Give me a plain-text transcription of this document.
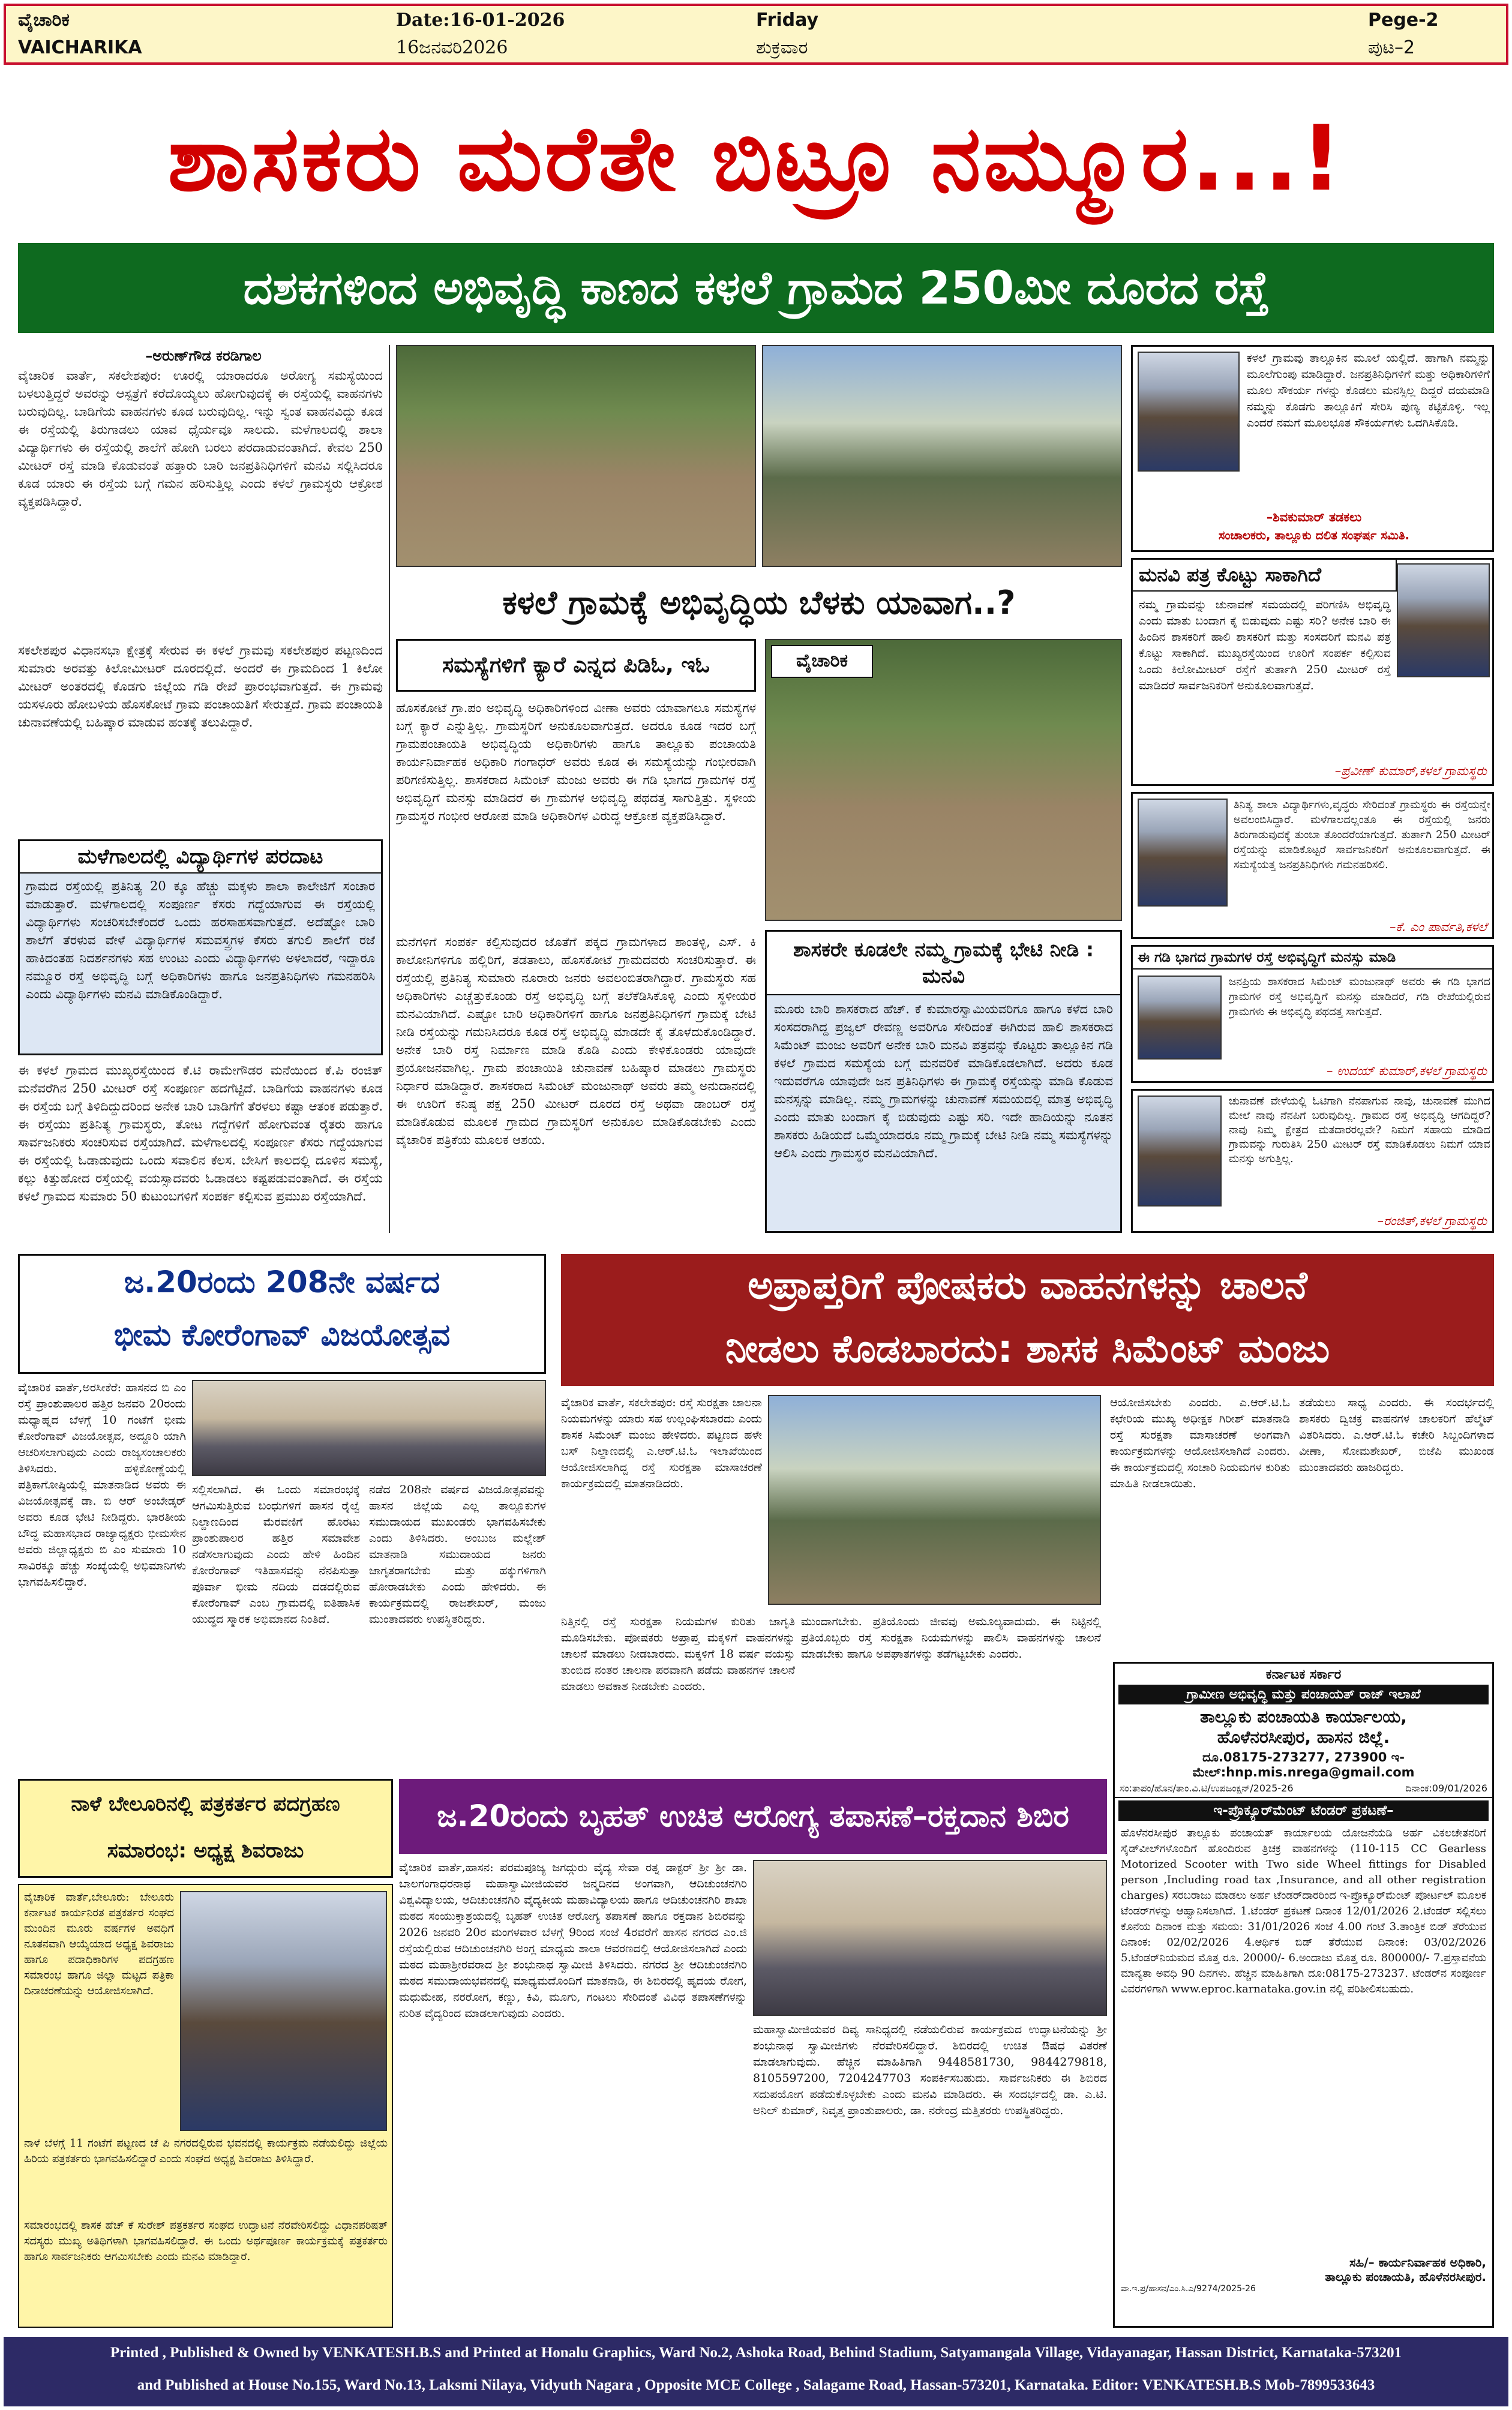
ವೈಚಾರಿಕ
VAICHARIKA
Date:16-01-2026
16ಜನವರಿ2026
Friday
ಶುಕ್ರವಾರ
Pege-2
ಪುಟ–2
ಶಾಸಕರು ಮರೆತೇ ಬಿಟ್ರೂ ನಮ್ಮೂರ...!
ದಶಕಗಳಿಂದ ಅಭಿವೃದ್ಧಿ ಕಾಣದ ಕಳಲೆ ಗ್ರಾಮದ 250ಮೀ ದೂರದ ರಸ್ತೆ
–ಅರುಣ್‌ಗೌಡ ಕರಡಿಗಾಲ
ವೈಚಾರಿಕ ವಾರ್ತೆ, ಸಕಲೇಶಪುರ: ಊರಲ್ಲಿ ಯಾರಾದರೂ ಅರೋಗ್ಯ ಸಮಸ್ಯೆಯಿಂದ ಬಳಲುತ್ತಿದ್ದರೆ ಅವರನ್ನು ಆಸ್ಪತ್ರೆಗೆ ಕರೆದೊಯ್ಯಲು ಹೋಗುವುದಕ್ಕೆ ಈ ರಸ್ತೆಯಲ್ಲಿ ವಾಹನಗಳು ಬರುವುದಿಲ್ಲ. ಬಾಡಿಗೆಯ ವಾಹನಗಳು ಕೂಡ ಬರುವುದಿಲ್ಲ. ಇನ್ನು ಸ್ವಂತ ವಾಹನವಿದ್ದು ಕೂಡ ಈ ರಸ್ತೆಯಲ್ಲಿ ತಿರುಗಾಡಲು ಯಾವ ಧೈರ್ಯವೂ ಸಾಲದು. ಮಳೆಗಾಲದಲ್ಲಿ ಶಾಲಾ ವಿದ್ಯಾರ್ಥಿಗಳು ಈ ರಸ್ತೆಯಲ್ಲಿ ಶಾಲೆಗೆ ಹೋಗಿ ಬರಲು ಪರದಾಡುವಂತಾಗಿದೆ. ಕೇವಲ 250 ಮೀಟರ್ ರಸ್ತೆ ಮಾಡಿ ಕೊಡುವಂತೆ ಹತ್ತಾರು ಬಾರಿ ಜನಪ್ರತಿನಿಧಿಗಳಿಗೆ ಮನವಿ ಸಲ್ಲಿಸಿದರೂ ಕೂಡ ಯಾರು ಈ ರಸ್ತೆಯ ಬಗ್ಗೆ ಗಮನ ಹರಿಸುತ್ತಿಲ್ಲ ಎಂದು ಕಳಲೆ ಗ್ರಾಮಸ್ಥರು ಆಕ್ರೋಶ ವ್ಯಕ್ತಪಡಿಸಿದ್ದಾರೆ.
ಸಕಲೇಶಪುರ ವಿಧಾನಸಭಾ ಕ್ಷೇತ್ರಕ್ಕೆ ಸೇರುವ ಈ ಕಳಲೆ ಗ್ರಾಮವು ಸಕಲೇಶಪುರ ಪಟ್ಟಣದಿಂದ ಸುಮಾರು ಅರವತ್ತು ಕಿಲೋಮೀಟರ್ ದೂರದಲ್ಲಿದೆ. ಅಂದರೆ ಈ ಗ್ರಾಮದಿಂದ 1 ಕಿಲೋ ಮೀಟರ್ ಅಂತರದಲ್ಲಿ ಕೊಡಗು ಜಿಲ್ಲೆಯ ಗಡಿ ರೇಖೆ ಪ್ರಾರಂಭವಾಗುತ್ತದೆ. ಈ ಗ್ರಾಮವು ಯಸಳೂರು ಹೋಬಳಿಯ ಹೊಸಕೋಟೆ ಗ್ರಾಮ ಪಂಚಾಯತಿಗೆ ಸೇರುತ್ತದೆ. ಗ್ರಾಮ ಪಂಚಾಯತಿ ಚುನಾವಣೆಯಲ್ಲಿ ಬಹಿಷ್ಕಾರ ಮಾಡುವ ಹಂತಕ್ಕೆ ತಲುಪಿದ್ದಾರೆ.
ಮಳೆಗಾಲದಲ್ಲಿ ವಿದ್ಯಾರ್ಥಿಗಳ ಪರದಾಟ
ಗ್ರಾಮದ ರಸ್ತೆಯಲ್ಲಿ ಪ್ರತಿನಿತ್ಯ 20 ಕ್ಕೂ ಹೆಚ್ಚು ಮಕ್ಕಳು ಶಾಲಾ ಕಾಲೇಜಿಗೆ ಸಂಚಾರ ಮಾಡುತ್ತಾರೆ. ಮಳೆಗಾಲದಲ್ಲಿ ಸಂಪೂರ್ಣ ಕೆಸರು ಗದ್ದೆಯಾಗುವ ಈ ರಸ್ತೆಯಲ್ಲಿ ವಿದ್ಯಾರ್ಥಿಗಳು ಸಂಚರಿಸಬೇಕೆಂದರೆ ಒಂದು ಹರಸಾಹಸವಾಗುತ್ತದೆ. ಅದೆಷ್ಟೋ ಬಾರಿ ಶಾಲೆಗೆ ತೆರಳುವ ವೇಳೆ ವಿದ್ಯಾರ್ಥಿಗಳ ಸಮವಸ್ತ್ರಗಳ ಕೆಸರು ತಗುಲಿ ಶಾಲೆಗೆ ರಜೆ ಹಾಕಿದಂತಹ ನಿದರ್ಶನಗಳು ಸಹ ಉಂಟು ಎಂದು ವಿದ್ಯಾರ್ಥಿಗಳು ಅಳಲಾದರೆ, ಇದ್ದಾರೂ ನಮ್ಮೂರ ರಸ್ತೆ ಅಭಿವೃದ್ಧಿ ಬಗ್ಗೆ ಅಧಿಕಾರಿಗಳು ಹಾಗೂ ಜನಪ್ರತಿನಿಧಿಗಳು ಗಮನಹರಿಸಿ ಎಂದು ವಿದ್ಯಾರ್ಥಿಗಳು ಮನವಿ ಮಾಡಿಕೊಂಡಿದ್ದಾರೆ.
ಈ ಕಳಲೆ ಗ್ರಾಮದ ಮುಖ್ಯರಸ್ತೆಯಿಂದ ಕೆ.ಟಿ ರಾಮೇಗೌಡರ ಮನೆಯಿಂದ ಕೆ.ಪಿ ರಂಜಿತ್ ಮನೆವರೆಗಿನ 250 ಮೀಟರ್ ರಸ್ತೆ ಸಂಪೂರ್ಣ ಹದಗೆಟ್ಟಿದೆ. ಬಾಡಿಗೆಯ ವಾಹನಗಳು ಕೂಡ ಈ ರಸ್ತೆಯ ಬಗ್ಗೆ ತಿಳಿದಿದ್ದುದರಿಂದ ಅನೇಕ ಬಾರಿ ಬಾಡಿಗೆಗೆ ತೆರಳಲು ಕಷ್ಟಾ ಆತಂಕ ಪಡುತ್ತಾರೆ. ಈ ರಸ್ತೆಯು ಪ್ರತಿನಿತ್ಯ ಗ್ರಾಮಸ್ಥರು, ತೋಟ ಗದ್ದೆಗಳಿಗೆ ಹೋಗುವಂತ ರೈತರು ಹಾಗೂ ಸಾರ್ವಜನಿಕರು ಸಂಚರಿಸುವ ರಸ್ತೆಯಾಗಿದೆ. ಮಳೆಗಾಲದಲ್ಲಿ ಸಂಪೂರ್ಣ ಕೆಸರು ಗದ್ದೆಯಾಗುವ ಈ ರಸ್ತೆಯಲ್ಲಿ ಓಡಾಡುವುದು ಒಂದು ಸವಾಲಿನ ಕೆಲಸ. ಬೇಸಿಗೆ ಕಾಲದಲ್ಲಿ ದೂಳಿನ ಸಮಸ್ಯೆ, ಕಲ್ಲು ಕಿತ್ತುಹೋದ ರಸ್ತೆಯಲ್ಲಿ ವಯಸ್ಸಾದವರು ಓಡಾಡಲು ಕಷ್ಟಪಡುವಂತಾಗಿದೆ. ಈ ರಸ್ತೆಯ ಕಳಲೆ ಗ್ರಾಮದ ಸುಮಾರು 50 ಕುಟುಂಬಗಳಿಗೆ ಸಂಪರ್ಕ ಕಲ್ಪಿಸುವ ಪ್ರಮುಖ ರಸ್ತೆಯಾಗಿದೆ.
ಕಳಲೆ ಗ್ರಾಮಕ್ಕೆ ಅಭಿವೃದ್ಧಿಯ ಬೆಳಕು ಯಾವಾಗ..?
ಸಮಸ್ಯೆಗಳಿಗೆ ಕ್ಯಾರೆ ಎನ್ನದ ಪಿಡಿಓ, ಇಓ
ಹೊಸಕೋಟೆ ಗ್ರಾ.ಪಂ ಅಭಿವೃದ್ಧಿ ಅಧಿಕಾರಿಗಳಿಂದ ವೀಣಾ ಅವರು ಯಾವಾಗಲೂ ಸಮಸ್ಯೆಗಳ ಬಗ್ಗೆ ಕ್ಯಾರೆ ಎನ್ನುತ್ತಿಲ್ಲ. ಗ್ರಾಮಸ್ಥರಿಗೆ ಅನುಕೂಲವಾಗುತ್ತದೆ. ಅದರೂ ಕೂಡ ಇದರ ಬಗ್ಗೆ ಗ್ರಾಮಪಂಚಾಯತಿ ಅಭಿವೃದ್ಧಿಯ ಅಧಿಕಾರಿಗಳು ಹಾಗೂ ತಾಲ್ಲೂಕು ಪಂಚಾಯತಿ ಕಾರ್ಯನಿರ್ವಾಹಕ ಅಧಿಕಾರಿ ಗಂಗಾಧರ್ ಅವರು ಕೂಡ ಈ ಸಮಸ್ಯೆಯನ್ನು ಗಂಭೀರವಾಗಿ ಪರಿಗಣಿಸುತ್ತಿಲ್ಲ. ಶಾಸಕರಾದ ಸಿಮೆಂಟ್ ಮಂಜು ಅವರು ಈ ಗಡಿ ಭಾಗದ ಗ್ರಾಮಗಳ ರಸ್ತೆ ಅಭಿವೃದ್ಧಿಗೆ ಮನಸ್ಸು ಮಾಡಿದರೆ ಈ ಗ್ರಾಮಗಳ ಅಭಿವೃದ್ಧಿ ಪಥದತ್ತ ಸಾಗುತ್ತಿತ್ತು. ಸ್ಥಳೀಯ ಗ್ರಾಮಸ್ಥರ ಗಂಭೀರ ಆರೋಪ ಮಾಡಿ ಅಧಿಕಾರಿಗಳ ವಿರುದ್ಧ ಆಕ್ರೋಶ ವ್ಯಕ್ತಪಡಿಸಿದ್ದಾರೆ.
ಮನೆಗಳಿಗೆ ಸಂಪರ್ಕ ಕಲ್ಪಿಸುವುದರ ಜೊತೆಗೆ ಪಕ್ಕದ ಗ್ರಾಮಗಳಾದ ಶಾಂತಳ್ಳಿ, ಎಸ್. ಕಿ ಕಾಲೋನಿಗಳಿಗೂ ಹಲ್ಲಿರಿಗೆ, ತಡತಾಲು, ಹೊಸಕೋಟೆ ಗ್ರಾಮದವರು ಸಂಚರಿಸುತ್ತಾರೆ. ಈ ರಸ್ತೆಯಲ್ಲಿ ಪ್ರತಿನಿತ್ಯ ಸುಮಾರು ನೂರಾರು ಜನರು ಅವಲಂಬಿತರಾಗಿದ್ದಾರೆ. ಗ್ರಾಮಸ್ಥರು ಸಹ ಅಧಿಕಾರಿಗಳು ಎಚ್ಚೆತ್ತುಕೊಂಡು ರಸ್ತೆ ಅಭಿವೃದ್ಧಿ ಬಗ್ಗೆ ತಲೆಕೆಡಿಸಿಕೊಳ್ಳಿ ಎಂದು ಸ್ಥಳೀಯರ ಮನವಿಯಾಗಿದೆ. ಎಷ್ಟೋ ಬಾರಿ ಅಧಿಕಾರಿಗಳಿಗೆ ಹಾಗೂ ಜನಪ್ರತಿನಿಧಿಗಳಿಗೆ ಗ್ರಾಮಕ್ಕೆ ಬೇಟಿ ನೀಡಿ ರಸ್ತೆಯನ್ನು ಗಮನಿಸಿದರೂ ಕೂಡ ರಸ್ತೆ ಅಭಿವೃದ್ಧಿ ಮಾಡದೇ ಕೈ ತೊಳೆದುಕೊಂಡಿದ್ದಾರೆ. ಅನೇಕ ಬಾರಿ ರಸ್ತೆ ನಿರ್ಮಾಣ ಮಾಡಿ ಕೊಡಿ ಎಂದು ಕೇಳಿಕೊಂಡರು ಯಾವುದೇ ಪ್ರಯೋಜನವಾಗಿಲ್ಲ. ಗ್ರಾಮ ಪಂಚಾಯಿತಿ ಚುನಾವಣೆ ಬಹಿಷ್ಕಾರ ಮಾಡಲು ಗ್ರಾಮಸ್ಥರು ನಿರ್ಧಾರ ಮಾಡಿದ್ದಾರೆ. ಶಾಸಕರಾದ ಸಿಮೆಂಟ್ ಮಂಜುನಾಥ್ ಅವರು ತಮ್ಮ ಅನುದಾನದಲ್ಲಿ ಈ ಊರಿಗೆ ಕನಿಷ್ಠ ಪಕ್ಷ 250 ಮೀಟರ್ ದೂರದ ರಸ್ತೆ ಅಥವಾ ಡಾಂಬರ್ ರಸ್ತೆ ಮಾಡಿಕೊಡುವ ಮೂಲಕ ಗ್ರಾಮದ ಗ್ರಾಮಸ್ಥರಿಗೆ ಅನುಕೂಲ ಮಾಡಿಕೊಡಬೇಕು ಎಂದು ವೈಚಾರಿಕ ಪತ್ರಿಕೆಯ ಮೂಲಕ ಆಶಯ.
ವೈಚಾರಿಕ
ಶಾಸಕರೇ ಕೂಡಲೇ ನಮ್ಮ ಗ್ರಾಮಕ್ಕೆ ಭೇಟಿ ನೀಡಿ : ಮನವಿ
ಮೂರು ಬಾರಿ ಶಾಸಕರಾದ ಹೆಚ್. ಕೆ ಕುಮಾರಸ್ವಾಮಿಯವರಿಗೂ ಹಾಗೂ ಕಳೆದ ಬಾರಿ ಸಂಸದರಾಗಿದ್ದ ಪ್ರಜ್ವಲ್ ರೇವಣ್ಣ ಅವರಿಗೂ ಸೇರಿದಂತೆ ಈಗಿರುವ ಹಾಲಿ ಶಾಸಕರಾದ ಸಿಮೆಂಟ್ ಮಂಜು ಅವರಿಗೆ ಅನೇಕ ಬಾರಿ ಮನವಿ ಪತ್ರವನ್ನು ಕೊಟ್ಟರು ತಾಲ್ಲೂಕಿನ ಗಡಿ ಕಳಲೆ ಗ್ರಾಮದ ಸಮಸ್ಯೆಯ ಬಗ್ಗೆ ಮನವರಿಕೆ ಮಾಡಿಕೊಡಲಾಗಿದೆ. ಅದರು ಕೂಡ ಇದುವರೆಗೂ ಯಾವುದೇ ಜನ ಪ್ರತಿನಿಧಿಗಳು ಈ ಗ್ರಾಮಕ್ಕೆ ರಸ್ತೆಯನ್ನು ಮಾಡಿ ಕೊಡುವ ಮನಸ್ಸನ್ನು ಮಾಡಿಲ್ಲ. ನಮ್ಮ ಗ್ರಾಮಗಳನ್ನು ಚುನಾವಣೆ ಸಮಯದಲ್ಲಿ ಮಾತ್ರ ಅಭಿವೃದ್ಧಿ ಎಂದು ಮಾತು ಬಂದಾಗ ಕೈ ಬಿಡುವುದು ಎಷ್ಟು ಸರಿ. ಇದೇ ಹಾದಿಯನ್ನು ನೂತನ ಶಾಸಕರು ಹಿಡಿಯದೆ ಒಮ್ಮೆಯಾದರೂ ನಮ್ಮ ಗ್ರಾಮಕ್ಕೆ ಬೇಟಿ ನೀಡಿ ನಮ್ಮ ಸಮಸ್ಯೆಗಳನ್ನು ಆಲಿಸಿ ಎಂದು ಗ್ರಾಮಸ್ಥರ ಮನವಿಯಾಗಿದೆ.
ಕಳಲೆ ಗ್ರಾಮವು ತಾಲ್ಲೂಕಿನ ಮೂಲೆ ಯಲ್ಲಿದೆ. ಹಾಗಾಗಿ ನಮ್ಮನ್ನು ಮೂಲೆಗುಂಪು ಮಾಡಿದ್ದಾರೆ. ಜನಪ್ರತಿನಿಧಿಗಳಿಗೆ ಮತ್ತು ಅಧಿಕಾರಿಗಳಿಗೆ ಮೂಲ ಸೌಕರ್ಯ ಗಳನ್ನು ಕೊಡಲು ಮನಸ್ಸಿಲ್ಲ ದಿದ್ದರೆ ದಯಮಾಡಿ ನಮ್ಮನ್ನು ಕೊಡಗು ತಾಲ್ಲೂಕಿಗೆ ಸೇರಿಸಿ ಪುಣ್ಯ ಕಟ್ಟಿಕೊಳ್ಳಿ. ಇಲ್ಲ ಎಂದರೆ ನಮಗೆ ಮೂಲಭೂತ ಸೌಕರ್ಯಗಳು ಒದಗಿಸಿಕೊಡಿ.
–ಶಿವಕುಮಾರ್ ತಡಕಲು
ಸಂಚಾಲಕರು, ತಾಲ್ಲೂಕು ದಲಿತ ಸಂಘರ್ಷ ಸಮಿತಿ.
ಮನವಿ ಪತ್ರ ಕೊಟ್ಟು ಸಾಕಾಗಿದೆ
ನಮ್ಮ ಗ್ರಾಮವನ್ನು ಚುನಾವಣೆ ಸಮಯದಲ್ಲಿ ಪರಿಗಣಿಸಿ ಅಭಿವೃದ್ಧಿ ಎಂದು ಮಾತು ಬಂದಾಗ ಕೈ ಬಿಡುವುದು ಎಷ್ಟು ಸರಿ? ಅನೇಕ ಬಾರಿ ಈ ಹಿಂದಿನ ಶಾಸಕರಿಗೆ ಹಾಲಿ ಶಾಸಕರಿಗೆ ಮತ್ತು ಸಂಸದರಿಗೆ ಮನವಿ ಪತ್ರ ಕೊಟ್ಟು ಸಾಕಾಗಿದೆ. ಮುಖ್ಯರಸ್ತೆಯಿಂದ ಊರಿಗೆ ಸಂಪರ್ಕ ಕಲ್ಪಿಸುವ ಒಂದು ಕಿಲೋಮೀಟರ್ ರಸ್ತೆಗೆ ತುರ್ತಾಗಿ 250 ಮೀಟರ್ ರಸ್ತೆ ಮಾಡಿದರೆ ಸಾರ್ವಜನಿಕರಿಗೆ ಅನುಕೂಲವಾಗುತ್ತದೆ.
–ಪ್ರವೀಣ್ ಕುಮಾರ್,ಕಳಲೆ ಗ್ರಾಮಸ್ಥರು
ತಿನಿತ್ಯ ಶಾಲಾ ವಿದ್ಯಾರ್ಥಿಗಳು,ವೃದ್ಧರು ಸೇರಿದಂತೆ ಗ್ರಾಮಸ್ಥರು ಈ ರಸ್ತೆಯನ್ನೇ ಅವಲಂಬಿಸಿದ್ದಾರೆ. ಮಳೆಗಾಲದಲ್ಲಂತೂ ಈ ರಸ್ತೆಯಲ್ಲಿ ಜನರು ತಿರುಗಾಡುವುದಕ್ಕೆ ತುಂಬಾ ತೊಂದರೆಯಾಗುತ್ತದೆ. ತುರ್ತಾಗಿ 250 ಮೀಟರ್ ರಸ್ತೆಯನ್ನು ಮಾಡಿಕೊಟ್ಟರೆ ಸಾರ್ವಜನಿಕರಿಗೆ ಅನುಕೂಲವಾಗುತ್ತದೆ. ಈ ಸಮಸ್ಯೆಯತ್ತ ಜನಪ್ರತಿನಿಧಿಗಳು ಗಮನಹರಿಸಲಿ.
–ಕೆ. ಎಂ ಪಾರ್ವತಿ,ಕಳಲೆ
ಈ ಗಡಿ ಭಾಗದ ಗ್ರಾಮಗಳ ರಸ್ತೆ ಅಭಿವೃದ್ಧಿಗೆ ಮನಸ್ಸು ಮಾಡಿ
ಜನಪ್ರಿಯ ಶಾಸಕರಾದ ಸಿಮೆಂಟ್ ಮಂಜುನಾಥ್ ಅವರು ಈ ಗಡಿ ಭಾಗದ ಗ್ರಾಮಗಳ ರಸ್ತೆ ಅಭಿವೃದ್ಧಿಗೆ ಮನಸ್ಸು ಮಾಡಿದರೆ, ಗಡಿ ರೇಖೆಯಲ್ಲಿರುವ ಗ್ರಾಮಗಳು ಈ ಅಭಿವೃದ್ಧಿ ಪಥದತ್ತ ಸಾಗುತ್ತದೆ.
– ಉದಯ್ ಕುಮಾರ್,ಕಳಲೆ ಗ್ರಾಮಸ್ಥರು
ಚುನಾವಣೆ ವೇಳೆಯಲ್ಲಿ ಓಟಿಗಾಗಿ ನೆನಪಾಗುವ ನಾವು, ಚುನಾವಣೆ ಮುಗಿದ ಮೇಲೆ ನಾವು ನೆನಪಿಗೆ ಬರುವುದಿಲ್ಲ. ಗ್ರಾಮದ ರಸ್ತೆ ಅಭಿವೃದ್ಧಿ ಆಗದಿದ್ದರೆ? ನಾವು ನಿಮ್ಮ ಕ್ಷೇತ್ರದ ಮತದಾರರಲ್ಲವೇ? ನಿಮಗೆ ಸಹಾಯ ಮಾಡಿದ ಗ್ರಾಮವನ್ನು ಗುರುತಿಸಿ 250 ಮೀಟರ್ ರಸ್ತೆ ಮಾಡಿಕೊಡಲು ನಿಮಗೆ ಯಾವ ಮನಸ್ಸು ಅಗುತ್ತಿಲ್ಲ.
–ರಂಜಿತ್,ಕಳಲೆ ಗ್ರಾಮಸ್ಥರು
ಜ.20ರಂದು 208ನೇ ವರ್ಷದ
ಭೀಮ ಕೋರೆಂಗಾವ್ ವಿಜಯೋತ್ಸವ
ವೈಚಾರಿಕ ವಾರ್ತೆ,ಅರಸೀಕೆರೆ: ಹಾಸನದ ಬಿ ಎಂ ರಸ್ತೆ ಪ್ರಾಂಶುಪಾಲರ ಹತ್ತಿರ ಜನವರಿ 20ರಂದು ಮಧ್ಯಾಹ್ನದ ಬೆಳಗ್ಗೆ 10 ಗಂಟೆಗೆ ಭೀಮ ಕೋರೆಂಗಾವ್ ವಿಜಯೋತ್ಸವ, ಅದ್ದೂರಿ ಯಾಗಿ ಆಚರಿಸಲಾಗುವುದು ಎಂದು ರಾಜ್ಯಸಂಚಾಲಕರು ತಿಳಿಸಿದರು. ಹಳ್ಳಿಕೋಣ್ಣೆಯಲ್ಲಿ ಪತ್ರಿಕಾಗೋಷ್ಠಿಯಲ್ಲಿ ಮಾತನಾಡಿದ ಅವರು ಈ ವಿಜಯೋತ್ಸವಕ್ಕೆ ಡಾ. ಬಿ ಆರ್ ಅಂಬೇಡ್ಕರ್ ಅವರು ಕೂಡ ಭೇಟಿ ನೀಡಿದ್ದರು. ಭಾರತೀಯ ಬೌದ್ಧ ಮಹಾಸಭಾದ ರಾಜ್ಯಾಧ್ಯಕ್ಷರು ಭೀಮಸೇನ ಅವರು ಜಿಲ್ಲಾಧ್ಯಕ್ಷರು ಬಿ ಎಂ ಸುಮಾರು 10 ಸಾವಿರಕ್ಕೂ ಹೆಚ್ಚು ಸಂಖ್ಯೆಯಲ್ಲಿ ಅಭಿಮಾನಿಗಳು ಭಾಗವಹಿಸಲಿದ್ದಾರೆ.
ಸಲ್ಲಿಸಲಾಗಿದೆ. ಈ ಒಂದು ಸಮಾರಂಭಕ್ಕೆ ಆಗಮಿಸುತ್ತಿರುವ ಬಂಧುಗಳಿಗೆ ಹಾಸನ ರೈಲ್ವೆ ನಿಲ್ದಾಣದಿಂದ ಮೆರವಣಿಗೆ ಹೊರಟು ಪ್ರಾಂಶುಪಾಲರ ಹತ್ತಿರ ಸಮಾವೇಶ ನಡೆಸಲಾಗುವುದು ಎಂದು ಹೇಳಿ ಹಿಂದಿನ ಕೋರೆಂಗಾವ್ ಇತಿಹಾಸವನ್ನು ನೆನಪಿಸುತ್ತಾ ಪೂರ್ವಾ ಭೀಮ ನದಿಯ ದಡದಲ್ಲಿರುವ ಕೋರೆಂಗಾವ್ ಎಂಬ ಗ್ರಾಮದಲ್ಲಿ ಐತಿಹಾಸಿಕ ಯುದ್ಧದ ಸ್ಮಾರಕ ಅಭಿಮಾನದ ನಿಂತಿದೆ.
ನಡೆದ 208ನೇ ವರ್ಷದ ವಿಜಯೋತ್ಸವವನ್ನು ಹಾಸನ ಜಿಲ್ಲೆಯ ಎಲ್ಲ ತಾಲ್ಲೂಕುಗಳ ಸಮುದಾಯದ ಮುಖಂಡರು ಭಾಗವಹಿಸಬೇಕು ಎಂದು ತಿಳಿಸಿದರು. ಅಂಬುಜ ಮಲ್ಲೇಶ್ ಮಾತನಾಡಿ ಸಮುದಾಯದ ಜನರು ಜಾಗೃತರಾಗಬೇಕು ಮತ್ತು ಹಕ್ಕುಗಳಿಗಾಗಿ ಹೋರಾಡಬೇಕು ಎಂದು ಹೇಳಿದರು. ಈ ಕಾರ್ಯಕ್ರಮದಲ್ಲಿ ರಾಜಶೇಖರ್, ಮಂಜು ಮುಂತಾದವರು ಉಪಸ್ಥಿತರಿದ್ದರು.
ಅಪ್ರಾಪ್ತರಿಗೆ ಪೋಷಕರು ವಾಹನಗಳನ್ನು ಚಾಲನೆ
ನೀಡಲು ಕೊಡಬಾರದು: ಶಾಸಕ ಸಿಮೆಂಟ್ ಮಂಜು
ವೈಚಾರಿಕ ವಾರ್ತೆ, ಸಕಲೇಶಪುರ: ರಸ್ತೆ ಸುರಕ್ಷತಾ ಚಾಲನಾ ನಿಯಮಗಳನ್ನು ಯಾರು ಸಹ ಉಲ್ಲಂಘಿಸಬಾರದು ಎಂದು ಶಾಸಕ ಸಿಮೆಂಟ್ ಮಂಜು ಹೇಳಿದರು. ಪಟ್ಟಣದ ಹಳೇ ಬಸ್ ನಿಲ್ದಾಣದಲ್ಲಿ ಎ.ಆರ್.ಟಿ.ಓ ಇಲಾಖೆಯಿಂದ ಆಯೋಜಿಸಲಾಗಿದ್ದ ರಸ್ತೆ ಸುರಕ್ಷತಾ ಮಾಸಾಚರಣೆ ಕಾರ್ಯಕ್ರಮದಲ್ಲಿ ಮಾತನಾಡಿದರು.
ಆಯೋಜಿಸಬೇಕು ಎಂದರು. ಎ.ಆರ್.ಟಿ.ಓ ಕಛೇರಿಯ ಮುಖ್ಯ ಅಧೀಕ್ಷಕ ಗಿರೀಶ್ ಮಾತನಾಡಿ ರಸ್ತೆ ಸುರಕ್ಷತಾ ಮಾಸಾಚರಣೆ ಅಂಗವಾಗಿ ಕಾರ್ಯಕ್ರಮಗಳನ್ನು ಆಯೋಜಿಸಲಾಗಿದೆ ಎಂದರು. ಈ ಕಾರ್ಯಕ್ರಮದಲ್ಲಿ ಸಂಚಾರಿ ನಿಯಮಗಳ ಕುರಿತು ಮಾಹಿತಿ ನೀಡಲಾಯಿತು.
ತಡೆಯಲು ಸಾಧ್ಯ ಎಂದರು. ಈ ಸಂದರ್ಭದಲ್ಲಿ ಶಾಸಕರು ದ್ವಿಚಕ್ರ ವಾಹನಗಳ ಚಾಲಕರಿಗೆ ಹೆಲ್ಮೆಟ್ ವಿತರಿಸಿದರು. ಎ.ಆರ್.ಟಿ.ಓ ಕಚೇರಿ ಸಿಬ್ಬಂದಿಗಳಾದ ವೀಣಾ, ಸೋಮಶೇಖರ್, ಬಿಜೆಪಿ ಮುಖಂಡ ಮುಂತಾದವರು ಹಾಜರಿದ್ದರು.
ನಿತ್ತಿನಲ್ಲಿ ರಸ್ತೆ ಸುರಕ್ಷತಾ ನಿಯಮಗಳ ಕುರಿತು ಜಾಗೃತಿ ಮೂಡಿಸಬೇಕು. ಪೋಷಕರು ಅಪ್ರಾಪ್ತ ಮಕ್ಕಳಿಗೆ ವಾಹನಗಳನ್ನು ಚಾಲನೆ ಮಾಡಲು ನೀಡಬಾರದು. ಮಕ್ಕಳಿಗೆ 18 ವರ್ಷ ವಯಸ್ಸು ತುಂಬಿದ ನಂತರ ಚಾಲನಾ ಪರವಾನಗಿ ಪಡೆದು ವಾಹನಗಳ ಚಾಲನೆ ಮಾಡಲು ಅವಕಾಶ ನೀಡಬೇಕು ಎಂದರು.
ಮುಂದಾಗಬೇಕು. ಪ್ರತಿಯೊಂದು ಜೀವವು ಅಮೂಲ್ಯವಾದುದು. ಈ ನಿಟ್ಟಿನಲ್ಲಿ ಪ್ರತಿಯೊಬ್ಬರು ರಸ್ತೆ ಸುರಕ್ಷತಾ ನಿಯಮಗಳನ್ನು ಪಾಲಿಸಿ ವಾಹನಗಳನ್ನು ಚಾಲನೆ ಮಾಡಬೇಕು ಹಾಗೂ ಅಪಘಾತಗಳನ್ನು ತಡೆಗಟ್ಟಬೇಕು ಎಂದರು.
ಕರ್ನಾಟಕ ಸರ್ಕಾರ
ಗ್ರಾಮೀಣ ಅಭಿವೃದ್ಧಿ ಮತ್ತು ಪಂಚಾಯತ್ ರಾಜ್ ಇಲಾಖೆ
ತಾಲ್ಲೂಕು ಪಂಚಾಯತಿ ಕಾರ್ಯಾಲಯ,
ಹೊಳೆನರಸೀಪುರ, ಹಾಸನ ಜಿಲ್ಲೆ.
ದೂ.08175-273277, 273900 ಇ-
ಮೇಲ್:hnp.mis.nrega@gmail.com
ಸಂ:ತಾಪಂ/ಹೊನ/ತಾಂ.ವಿ.ಟಿ/ಉಪಜಂಕ್ಷನ್/2025-26	ದಿನಾಂಕ:09/01/2026
ಇ-ಪ್ರೊಕ್ಯೂರ್‌ಮೆಂಟ್ ಟೆಂಡರ್ ಪ್ರಕಟಣೆ–
ಹೊಳೆನರಸೀಪುರ ತಾಲ್ಲೂಕು ಪಂಚಾಯತ್ ಕಾರ್ಯಾಲಯ ಯೋಜನೆಯಡಿ ಅರ್ಹ ವಿಕಲಚೇತನರಿಗೆ ಸೈಡ್‌ವೀಲ್‌ಗಳೊಂದಿಗೆ ಹೊಂದಿರುವ ತ್ರಿಚಕ್ರ ವಾಹನಗಳನ್ನು (110-115 CC Gearless Motorized Scooter with Two side Wheel fittings for Disabled person ,Including road tax ,Insurance, and all other registration charges) ಸರಬರಾಜು ಮಾಡಲು ಅರ್ಹ ಟೆಂಡರ್‌ದಾರರಿಂದ ಇ-ಪ್ರೊಕ್ಯೂರ್‌ಮೆಂಟ್ ಪೋರ್ಟಲ್ ಮೂಲಕ ಟೆಂಡರ್‌ಗಳನ್ನು ಆಹ್ವಾನಿಸಲಾಗಿದೆ. 1.ಟೆಂಡರ್ ಪ್ರಕಟಣೆ ದಿನಾಂಕ 12/01/2026 2.ಟೆಂಡರ್ ಸಲ್ಲಿಸಲು ಕೊನೆಯ ದಿನಾಂಕ ಮತ್ತು ಸಮಯ: 31/01/2026 ಸಂಜೆ 4.00 ಗಂಟೆ 3.ತಾಂತ್ರಿಕ ಬಿಡ್ ತೆರೆಯುವ ದಿನಾಂಕ: 02/02/2026 4.ಆರ್ಥಿಕ ಬಿಡ್ ತೆರೆಯುವ ದಿನಾಂಕ: 03/02/2026 5.ಟೆಂಡರ್‌ನಿಯಮದ ಮೊತ್ತ ರೂ. 20000/- 6.ಅಂದಾಜು ಮೊತ್ತ ರೂ. 800000/- 7.ಪ್ರಸ್ತಾವನೆಯ ಮಾನ್ಯತಾ ಅವಧಿ 90 ದಿನಗಳು. ಹೆಚ್ಚಿನ ಮಾಹಿತಿಗಾಗಿ ದೂ:08175-273237. ಟೆಂಡರ್‌ನ ಸಂಪೂರ್ಣ ವಿವರಗಳಿಗಾಗಿ www.eproc.karnataka.gov.in ನಲ್ಲಿ ಪರಿಶೀಲಿಸಬಹುದು.
ಸಹಿ/– ಕಾರ್ಯನಿರ್ವಾಹಕ ಅಧಿಕಾರಿ,
ತಾಲ್ಲೂಕು ಪಂಚಾಯತಿ, ಹೊಳೆನರಸೀಪುರ.
ವಾ.ಇ.ಪ್ರ/ಹಾಸನ/ಎಂ.ಸಿ.ಎ/9274/2025-26
ನಾಳೆ ಬೇಲೂರಿನಲ್ಲಿ ಪತ್ರಕರ್ತರ ಪದಗ್ರಹಣ
ಸಮಾರಂಭ: ಅಧ್ಯಕ್ಷ ಶಿವರಾಜು
ವೈಚಾರಿಕ ವಾರ್ತೆ,ಬೇಲೂರು: ಬೇಲೂರು ಕರ್ನಾಟಕ ಕಾರ್ಯನಿರತ ಪತ್ರಕರ್ತರ ಸಂಘದ ಮುಂದಿನ ಮೂರು ವರ್ಷಗಳ ಅವಧಿಗೆ ನೂತನವಾಗಿ ಆಯ್ಕೆಯಾದ ಅಧ್ಯಕ್ಷ ಶಿವರಾಜು ಹಾಗೂ ಪದಾಧಿಕಾರಿಗಳ ಪದಗ್ರಹಣ ಸಮಾರಂಭ ಹಾಗೂ ಜಿಲ್ಲಾ ಮಟ್ಟದ ಪತ್ರಿಕಾ ದಿನಾಚರಣೆಯನ್ನು ಆಯೋಜಿಸಲಾಗಿದೆ.
ನಾಳೆ ಬೆಳಗ್ಗೆ 11 ಗಂಟೆಗೆ ಪಟ್ಟಣದ ಚೆ ಪಿ ನಗರದಲ್ಲಿರುವ ಭವನದಲ್ಲಿ ಕಾರ್ಯಕ್ರಮ ನಡೆಯಲಿದ್ದು ಜಿಲ್ಲೆಯ ಹಿರಿಯ ಪತ್ರಕರ್ತರು ಭಾಗವಹಿಸಲಿದ್ದಾರೆ ಎಂದು ಸಂಘದ ಅಧ್ಯಕ್ಷ ಶಿವರಾಜು ತಿಳಿಸಿದ್ದಾರೆ.
ಸಮಾರಂಭದಲ್ಲಿ ಶಾಸಕ ಹೆಚ್ ಕೆ ಸುರೇಶ್ ಪತ್ರಕರ್ತರ ಸಂಘದ ಉದ್ಘಾಟನೆ ನೆರವೇರಿಸಲಿದ್ದು ವಿಧಾನಪರಿಷತ್ ಸದಸ್ಯರು ಮುಖ್ಯ ಅತಿಥಿಗಳಾಗಿ ಭಾಗವಹಿಸಲಿದ್ದಾರೆ. ಈ ಒಂದು ಅರ್ಥಪೂರ್ಣ ಕಾರ್ಯಕ್ರಮಕ್ಕೆ ಪತ್ರಕರ್ತರು ಹಾಗೂ ಸಾರ್ವಜನಿಕರು ಆಗಮಿಸಬೇಕು ಎಂದು ಮನವಿ ಮಾಡಿದ್ದಾರೆ.
ಜ.20ರಂದು ಬೃಹತ್ ಉಚಿತ ಆರೋಗ್ಯ ತಪಾಸಣೆ–ರಕ್ತದಾನ ಶಿಬಿರ
ವೈಚಾರಿಕ ವಾರ್ತೆ,ಹಾಸನ: ಪರಮಪೂಜ್ಯ ಜಗದ್ಗುರು ವೈದ್ಯ ಸೇವಾ ರತ್ನ ಡಾಕ್ಟರ್ ಶ್ರೀ ಶ್ರೀ ಡಾ. ಬಾಲಗಂಗಾಧರನಾಥ ಮಹಾಸ್ವಾಮೀಜಿಯವರ ಜನ್ಮದಿನದ ಅಂಗವಾಗಿ, ಆದಿಚುಂಚನಗಿರಿ ವಿಶ್ವವಿದ್ಯಾಲಯ, ಆದಿಚುಂಚನಗಿರಿ ವೈದ್ಯಕೀಯ ಮಹಾವಿದ್ಯಾಲಯ ಹಾಗೂ ಆದಿಚುಂಚನಗಿರಿ ಶಾಖಾ ಮಠದ ಸಂಯುಕ್ತಾಶ್ರಯದಲ್ಲಿ ಬೃಹತ್ ಉಚಿತ ಆರೋಗ್ಯ ತಪಾಸಣೆ ಹಾಗೂ ರಕ್ತದಾನ ಶಿಬಿರವನ್ನು 2026 ಜನವರಿ 20ರ ಮಂಗಳವಾರ ಬೆಳಗ್ಗೆ 9ರಿಂದ ಸಂಜೆ 4ರವರೆಗೆ ಹಾಸನ ನಗರದ ಎಂ.ಜಿ ರಸ್ತೆಯಲ್ಲಿರುವ ಆದಿಚುಂಚನಗಿರಿ ಅಂಗ್ಲ ಮಾಧ್ಯಮ ಶಾಲಾ ಆವರಣದಲ್ಲಿ ಆಯೋಜಿಸಲಾಗಿದೆ ಎಂದು ಮಠದ ಮಹಾಶ್ರೀರವರಾದ ಶ್ರೀ ಶಂಭುನಾಥ ಸ್ವಾಮೀಜಿ ತಿಳಿಸಿದರು. ನಗರದ ಶ್ರೀ ಆದಿಚುಂಚನಗಿರಿ ಮಠದ ಸಮುದಾಯಭವನದಲ್ಲಿ ಮಾಧ್ಯಮದೊಂದಿಗೆ ಮಾತನಾಡಿ, ಈ ಶಿಬಿರದಲ್ಲಿ ಹೃದಯ ರೋಗ, ಮಧುಮೇಹ, ನರರೋಗ, ಕಣ್ಣು, ಕಿವಿ, ಮೂಗು, ಗಂಟಲು ಸೇರಿದಂತೆ ವಿವಿಧ ತಪಾಸಣೆಗಳನ್ನು ನುರಿತ ವೈದ್ಯರಿಂದ ಮಾಡಲಾಗುವುದು ಎಂದರು.
ಮಹಾಸ್ವಾಮೀಜಿಯವರ ದಿವ್ಯ ಸಾನಿಧ್ಯದಲ್ಲಿ ನಡೆಯಲಿರುವ ಕಾರ್ಯಕ್ರಮದ ಉದ್ಘಾಟನೆಯನ್ನು ಶ್ರೀ ಶಂಭುನಾಥ ಸ್ವಾಮೀಜಿಗಳು ನೆರವೇರಿಸಲಿದ್ದಾರೆ. ಶಿಬಿರದಲ್ಲಿ ಉಚಿತ ಔಷಧ ವಿತರಣೆ ಮಾಡಲಾಗುವುದು. ಹೆಚ್ಚಿನ ಮಾಹಿತಿಗಾಗಿ 9448581730, 9844279818, 8105597200, 7204247703 ಸಂಪರ್ಕಿಸಬಹುದು. ಸಾರ್ವಜನಿಕರು ಈ ಶಿಬಿರದ ಸದುಪಯೋಗ ಪಡೆದುಕೊಳ್ಳಬೇಕು ಎಂದು ಮನವಿ ಮಾಡಿದರು. ಈ ಸಂದರ್ಭದಲ್ಲಿ ಡಾ. ಎ.ಟಿ. ಅನಿಲ್ ಕುಮಾರ್, ನಿವೃತ್ತ ಪ್ರಾಂಶುಪಾಲರು, ಡಾ. ನರೇಂದ್ರ ಮತ್ತಿತರರು ಉಪಸ್ಥಿತರಿದ್ದರು.
Printed , Published & Owned by VENKATESH.B.S and Printed at Honalu Graphics, Ward No.2, Ashoka Road, Behind Stadium, Satyamangala Village, Vidayanagar, Hassan District, Karnataka-573201
and Published at House No.155, Ward No.13, Laksmi Nilaya, Vidyuth Nagara , Opposite MCE College , Salagame Road, Hassan-573201, Karnataka. Editor: VENKATESH.B.S Mob-7899533643
